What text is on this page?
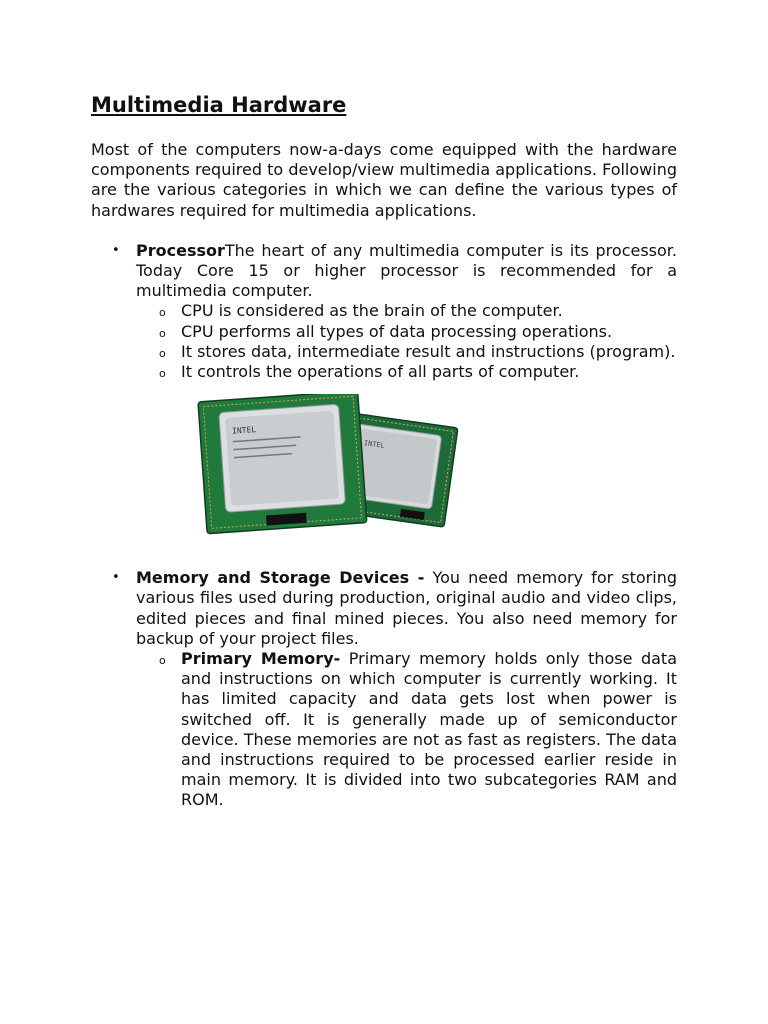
Multimedia Hardware

Most of the computers now-a-days come equipped with the hardware components required to develop/view multimedia applications. Following are the various categories in which we can define the various types of hardwares required for multimedia applications.

• ProcessorThe heart of any multimedia computer is its processor. Today Core 15 or higher processor is recommended for a multimedia computer.

o CPU is considered as the brain of the computer.

o CPU performs all types of data processing operations.

o It stores data, intermediate result and instructions (program).

o It controls the operations of all parts of computer.

INTEL
INTEL
• Memory and Storage Devices - You need memory for storing various files used during production, original audio and video clips, edited pieces and final mined pieces. You also need memory for backup of your project files.

o Primary Memory- Primary memory holds only those data and instructions on which computer is currently working. It has limited capacity and data gets lost when power is switched off. It is generally made up of semiconductor device. These memories are not as fast as registers. The data and instructions required to be processed earlier reside in main memory. It is divided into two subcategories RAM and ROM.
